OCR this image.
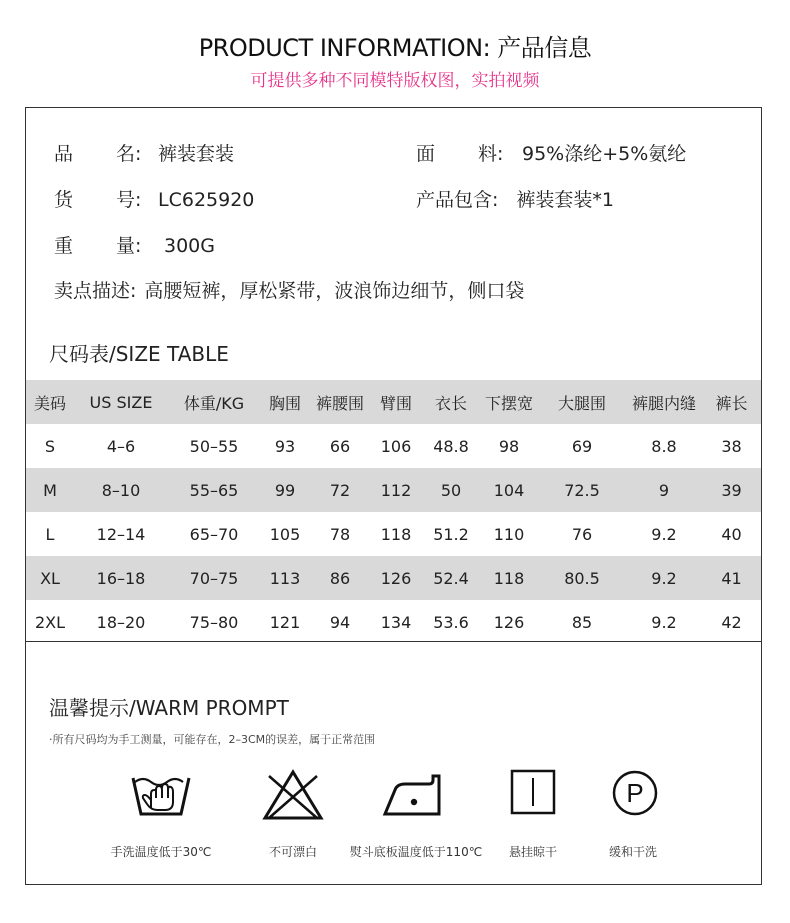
PRODUCT INFORMATION: 产品信息
可提供多种不同模特版权图，实拍视频
品 名: 裤装套装	面 料: 95%涤纶+5%氨纶
货 号: LC625920	产品包含: 裤装套装*1
重 量: 300G
卖点描述: 高腰短裤，厚松紧带，波浪饰边细节，侧口袋
尺码表/SIZE TABLE
美码	US SIZE	体重/KG	胸围	裤腰围	臂围	衣长	下摆宽	大腿围	裤腿内缝	裤长
S	4–6	50–55	93	66	106	48.8	98	69	8.8	38
M	8–10	55–65	99	72	112	50	104	72.5	9	39
L	12–14	65–70	105	78	118	51.2	110	76	9.2	40
XL	16–18	70–75	113	86	126	52.4	118	80.5	9.2	41
2XL	18–20	75–80	121	94	134	53.6	126	85	9.2	42
温馨提示/WARM PROMPT
·所有尺码均为手工测量，可能存在，2–3CM的误差，属于正常范围
P
手洗温度低于30℃	不可漂白	熨斗底板温度低于110℃	悬挂晾干	缓和干洗
